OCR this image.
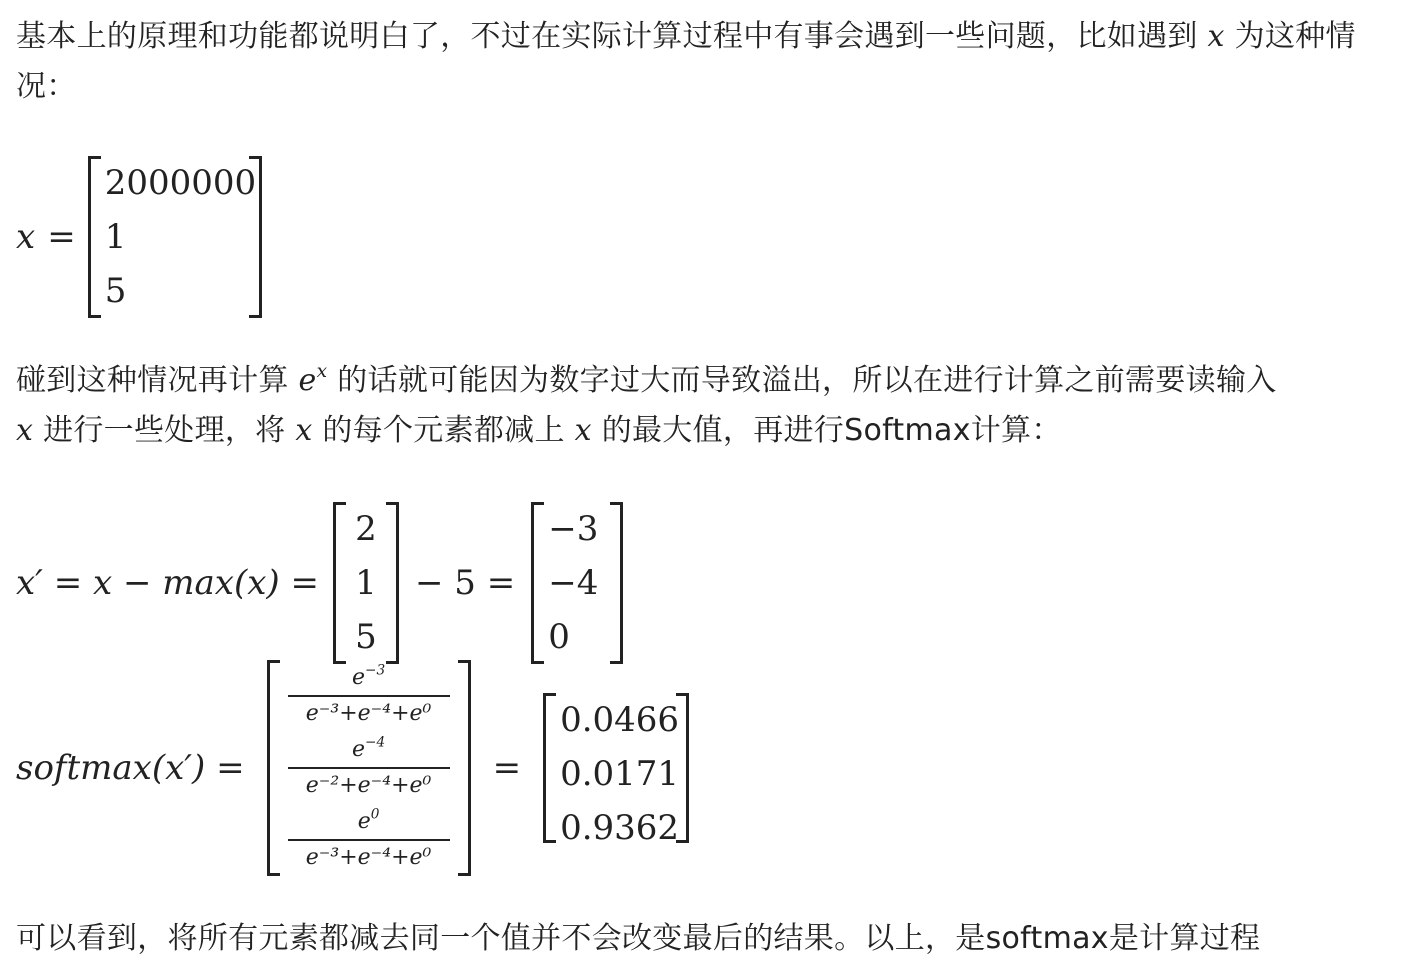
基本上的原理和功能都说明白了，不过在实际计算过程中有事会遇到一些问题，比如遇到 x 为这种情况：
x =
2000000
1
5
碰到这种情况再计算 $e^x$ 的话就可能因为数字过大而导致溢出，所以在进行计算之前需要读输入
x 进行一些处理，将 x 的每个元素都减上 x 的最大值，再进行Softmax计算：
x′ = x − max(x) =
2
1
5
− 5 =
−3
−4
0
softmax(x′) =
$\frac{e^{-3}}{\text{e⁻³+e⁻⁴+e⁰}}$
$\frac{e^{-4}}{\text{e⁻²+e⁻⁴+e⁰}}$
$\frac{e^0}{\text{e⁻³+e⁻⁴+e⁰}}$
=
0.0466
0.0171
0.9362
可以看到，将所有元素都减去同一个值并不会改变最后的结果。以上，是softmax是计算过程
